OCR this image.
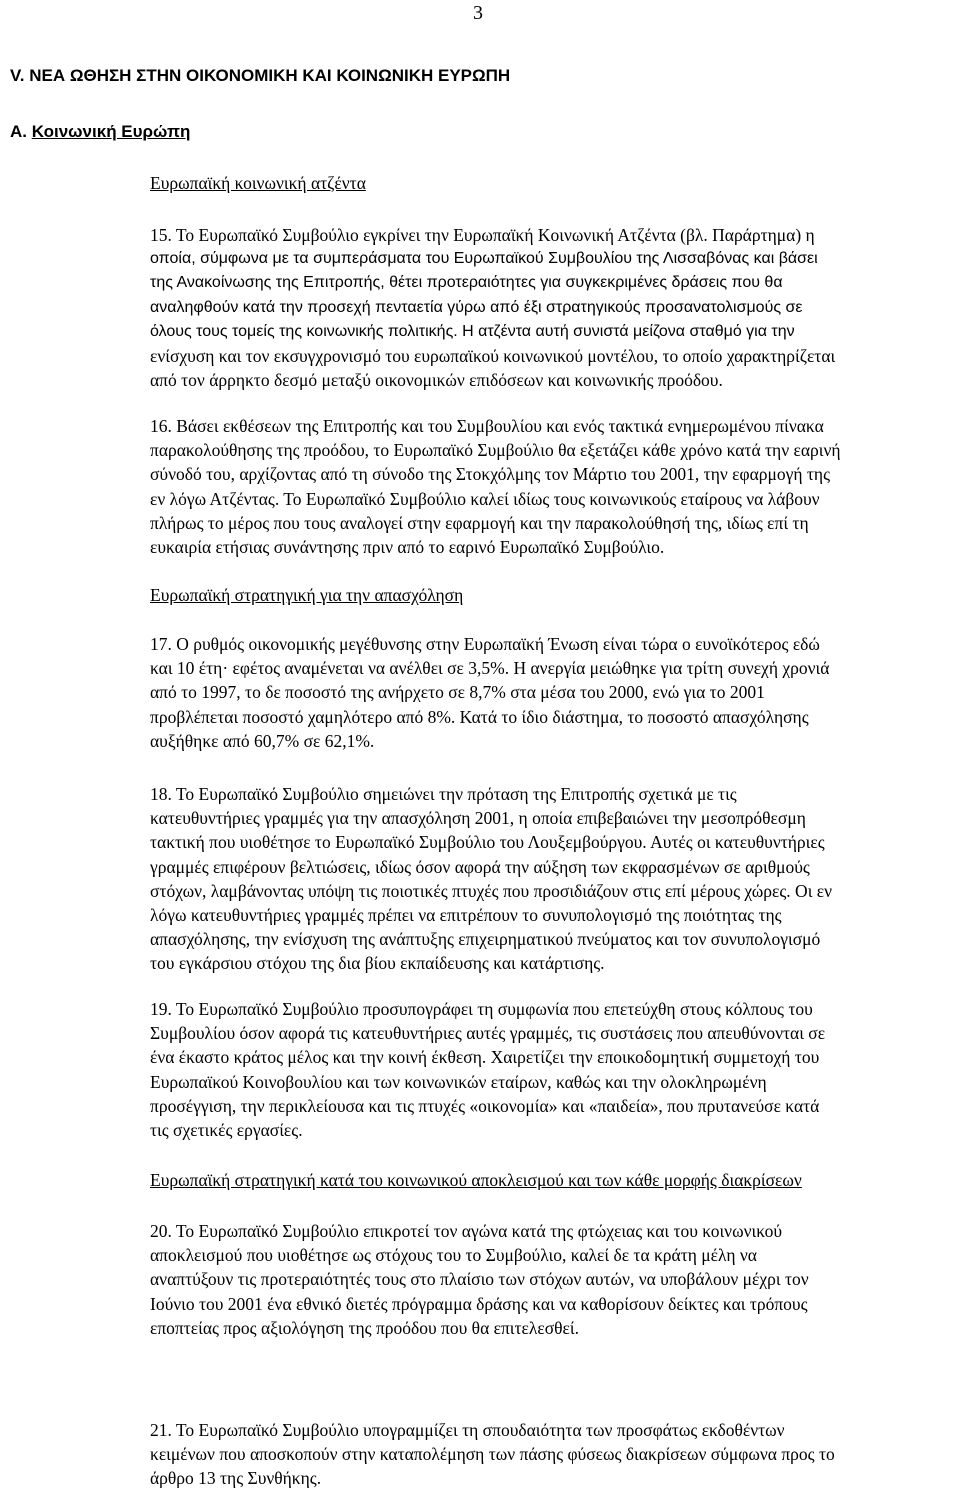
3
V. ΝΕΑ ΩΘΗΣΗ ΣΤΗΝ ΟΙΚΟΝΟΜΙΚΗ ΚΑΙ ΚΟΙΝΩΝΙΚΗ ΕΥΡΩΠΗ
A. Κοινωνική Ευρώπη
Ευρωπαϊκή κοινωνική ατζέντα

15. Το Ευρωπαϊκό Συμβούλιο εγκρίνει την Ευρωπαϊκή Κοινωνική Ατζέντα (βλ. Παράρτημα) η
οποία, σύμφωνα με τα συμπεράσματα του Ευρωπαϊκού Συμβουλίου της Λισσαβόνας και βάσει
της Ανακοίνωσης της Επιτροπής, θέτει προτεραιότητες για συγκεκριμένες δράσεις που θα
αναληφθούν κατά την προσεχή πενταετία γύρω από έξι στρατηγικούς προσανατολισμούς σε
όλους τους τομείς της κοινωνικής πολιτικής. Η ατζέντα αυτή συνιστά μείζονα σταθμό για την
ενίσχυση και τον εκσυγχρονισμό του ευρωπαϊκού κοινωνικού μοντέλου, το οποίο χαρακτηρίζεται
από τον άρρηκτο δεσμό μεταξύ οικονομικών επιδόσεων και κοινωνικής προόδου.

16. Βάσει εκθέσεων της Επιτροπής και του Συμβουλίου και ενός τακτικά ενημερωμένου πίνακα
παρακολούθησης της προόδου, το Ευρωπαϊκό Συμβούλιο θα εξετάζει κάθε χρόνο κατά την εαρινή
σύνοδό του, αρχίζοντας από τη σύνοδο της Στοκχόλμης τον Μάρτιο του 2001, την εφαρμογή της
εν λόγω Ατζέντας. Το Ευρωπαϊκό Συμβούλιο καλεί ιδίως τους κοινωνικούς εταίρους να λάβουν
πλήρως το μέρος που τους αναλογεί στην εφαρμογή και την παρακολούθησή της, ιδίως επί τη
ευκαιρία ετήσιας συνάντησης πριν από το εαρινό Ευρωπαϊκό Συμβούλιο.

Ευρωπαϊκή στρατηγική για την απασχόληση

17. Ο ρυθμός οικονομικής μεγέθυνσης στην Ευρωπαϊκή Ένωση είναι τώρα ο ευνοϊκότερος εδώ
και 10 έτη· εφέτος αναμένεται να ανέλθει σε 3,5%. Η ανεργία μειώθηκε για τρίτη συνεχή χρονιά
από το 1997, το δε ποσοστό της ανήρχετο σε 8,7% στα μέσα του 2000, ενώ για το 2001
προβλέπεται ποσοστό χαμηλότερο από 8%. Κατά το ίδιο διάστημα, το ποσοστό απασχόλησης
αυξήθηκε από 60,7% σε 62,1%.

18. Το Ευρωπαϊκό Συμβούλιο σημειώνει την πρόταση της Επιτροπής σχετικά με τις
κατευθυντήριες γραμμές για την απασχόληση 2001, η οποία επιβεβαιώνει την μεσοπρόθεσμη
τακτική που υιοθέτησε το Ευρωπαϊκό Συμβούλιο του Λουξεμβούργου. Αυτές οι κατευθυντήριες
γραμμές επιφέρουν βελτιώσεις, ιδίως όσον αφορά την αύξηση των εκφρασμένων σε αριθμούς
στόχων, λαμβάνοντας υπόψη τις ποιοτικές πτυχές που προσιδιάζουν στις επί μέρους χώρες. Οι εν
λόγω κατευθυντήριες γραμμές πρέπει να επιτρέπουν το συνυπολογισμό της ποιότητας της
απασχόλησης, την ενίσχυση της ανάπτυξης επιχειρηματικού πνεύματος και τον συνυπολογισμό
του εγκάρσιου στόχου της δια βίου εκπαίδευσης και κατάρτισης.

19. Το Ευρωπαϊκό Συμβούλιο προσυπογράφει τη συμφωνία που επετεύχθη στους κόλπους του
Συμβουλίου όσον αφορά τις κατευθυντήριες αυτές γραμμές, τις συστάσεις που απευθύνονται σε
ένα έκαστο κράτος μέλος και την κοινή έκθεση. Χαιρετίζει την εποικοδομητική συμμετοχή του
Ευρωπαϊκού Κοινοβουλίου και των κοινωνικών εταίρων, καθώς και την ολοκληρωμένη
προσέγγιση, την περικλείουσα και τις πτυχές «οικονομία» και «παιδεία», που πρυτανεύσε κατά
τις σχετικές εργασίες.

Ευρωπαϊκή στρατηγική κατά του κοινωνικού αποκλεισμού και των κάθε μορφής διακρίσεων

20. Το Ευρωπαϊκό Συμβούλιο επικροτεί τον αγώνα κατά της φτώχειας και του κοινωνικού
αποκλεισμού που υιοθέτησε ως στόχους του το Συμβούλιο, καλεί δε τα κράτη μέλη να
αναπτύξουν τις προτεραιότητές τους στο πλαίσιο των στόχων αυτών, να υποβάλουν μέχρι τον
Ιούνιο του 2001 ένα εθνικό διετές πρόγραμμα δράσης και να καθορίσουν δείκτες και τρόπους
εποπτείας προς αξιολόγηση της προόδου που θα επιτελεσθεί.

21. Το Ευρωπαϊκό Συμβούλιο υπογραμμίζει τη σπουδαιότητα των προσφάτως εκδοθέντων
κειμένων που αποσκοπούν στην καταπολέμηση των πάσης φύσεως διακρίσεων σύμφωνα προς το
άρθρο 13 της Συνθήκης.
